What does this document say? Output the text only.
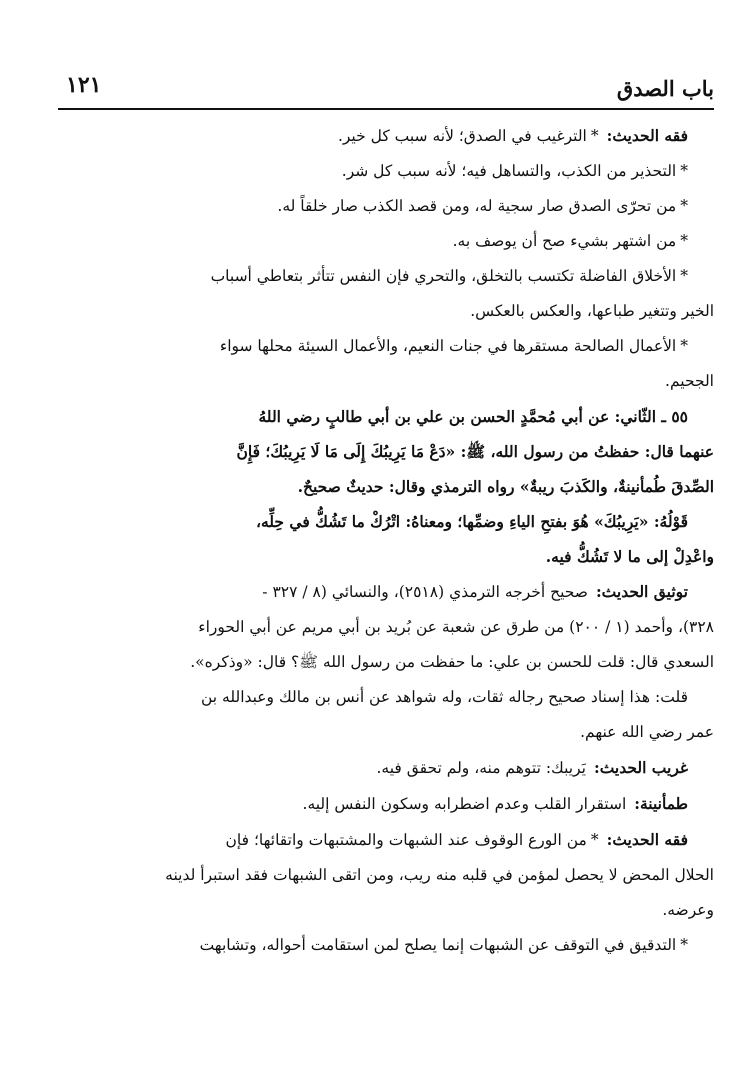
باب الصدق
١٢١

فقه الحديث:*الترغيب في الصدق؛ لأنه سبب كل خير.

*التحذير من الكذب، والتساهل فيه؛ لأنه سبب كل شر.

*من تحرّى الصدق صار سجية له، ومن قصد الكذب صار خلقاً له.

*من اشتهر بشيء صح أن يوصف به.

*الأخلاق الفاضلة تكتسب بالتخلق، والتحري فإن النفس تتأثر بتعاطي أسباب

الخير وتتغير طباعها، والعكس بالعكس.

*الأعمال الصالحة مستقرها في جنات النعيم، والأعمال السيئة محلها سواء

الجحيم.

٥٥ ـ الثّاني: عن أبي مُحمَّدٍ الحسن بن علي بن أبي طالبٍ رضي اللهُ

عنهما قال: حفظتُ من رسول الله، ﷺ: «دَعْ مَا يَرِيبُكَ إِلَى مَا لَا يَرِيبُكَ؛ فَإِنَّ

الصِّدقَ طُمأنينةٌ، والكَذبَ ريبةٌ» رواه الترمذي وقال: حديثٌ صحيحٌ.

قَوْلُهُ: «يَرِيبُكَ» هُوَ بفتحِ الياءِ وضمِّها؛ ومعناهُ: اتْرُكْ ما تَشُكُّ في حِلِّه،

واعْدِلْ إلى ما لا تَشُكُّ فيه.

توثيق الحديث:صحيح أخرجه الترمذي (٢٥١٨)، والنسائي (٨ / ٣٢٧ -

٣٢٨)، وأحمد (١ / ٢٠٠) من طرق عن شعبة عن بُريد بن أبي مريم عن أبي الحوراء

السعدي قال: قلت للحسن بن علي: ما حفظت من رسول الله ﷺ؟ قال: «وذكره».

قلت: هذا إسناد صحيح رجاله ثقات، وله شواهد عن أنس بن مالك وعبدالله بن

عمر رضي الله عنهم.

غريب الحديث:يَريبك: تتوهم منه، ولم تحقق فيه.

طمأنينة:استقرار القلب وعدم اضطرابه وسكون النفس إليه.

فقه الحديث:*من الورع الوقوف عند الشبهات والمشتبهات واتقائها؛ فإن

الحلال المحض لا يحصل لمؤمن في قلبه منه ريب، ومن اتقى الشبهات فقد استبرأ لدينه

وعرضه.

*التدقيق في التوقف عن الشبهات إنما يصلح لمن استقامت أحواله، وتشابهت
